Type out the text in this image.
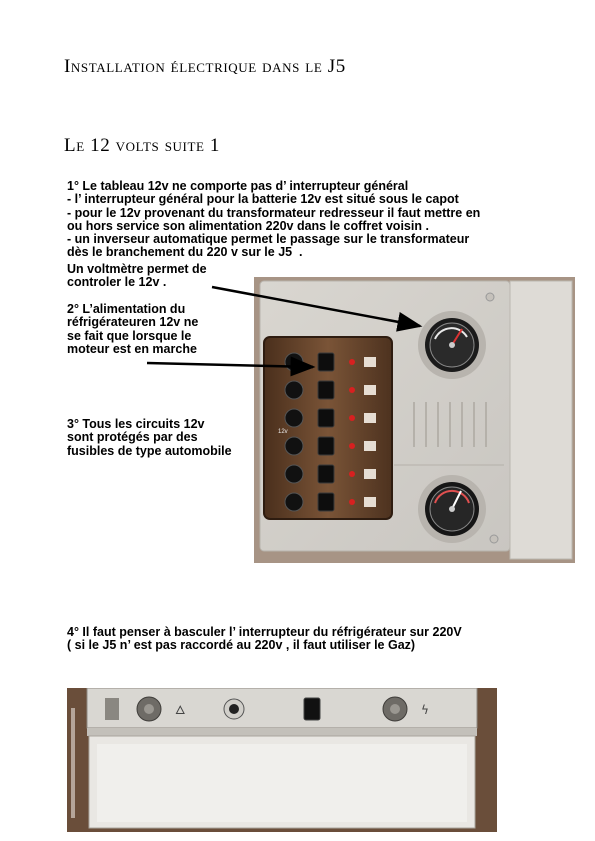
Installation électrique dans le J5
Le 12 volts suite 1
1° Le tableau 12v ne comporte pas d’ interrupteur général
- l’ interrupteur général pour la batterie 12v est situé sous le capot
- pour le 12v provenant du transformateur redresseur il faut mettre en
ou hors service son alimentation 220v dans le coffret voisin .
- un inverseur automatique permet le passage sur le transformateur
dès le branchement du 220 v sur le J5  .
Un voltmètre permet de
controler le 12v .
2° L’alimentation du
réfrigérateuren 12v ne
se fait que lorsque le
moteur est en marche
3° Tous les circuits 12v
sont protégés par des
fusibles de type automobile
4° Il faut penser à basculer l’ interrupteur du réfrigérateur sur 220V
( si le J5 n’ est pas raccordé au 220v , il faut utiliser le Gaz)
12v
🜂	ϟ
